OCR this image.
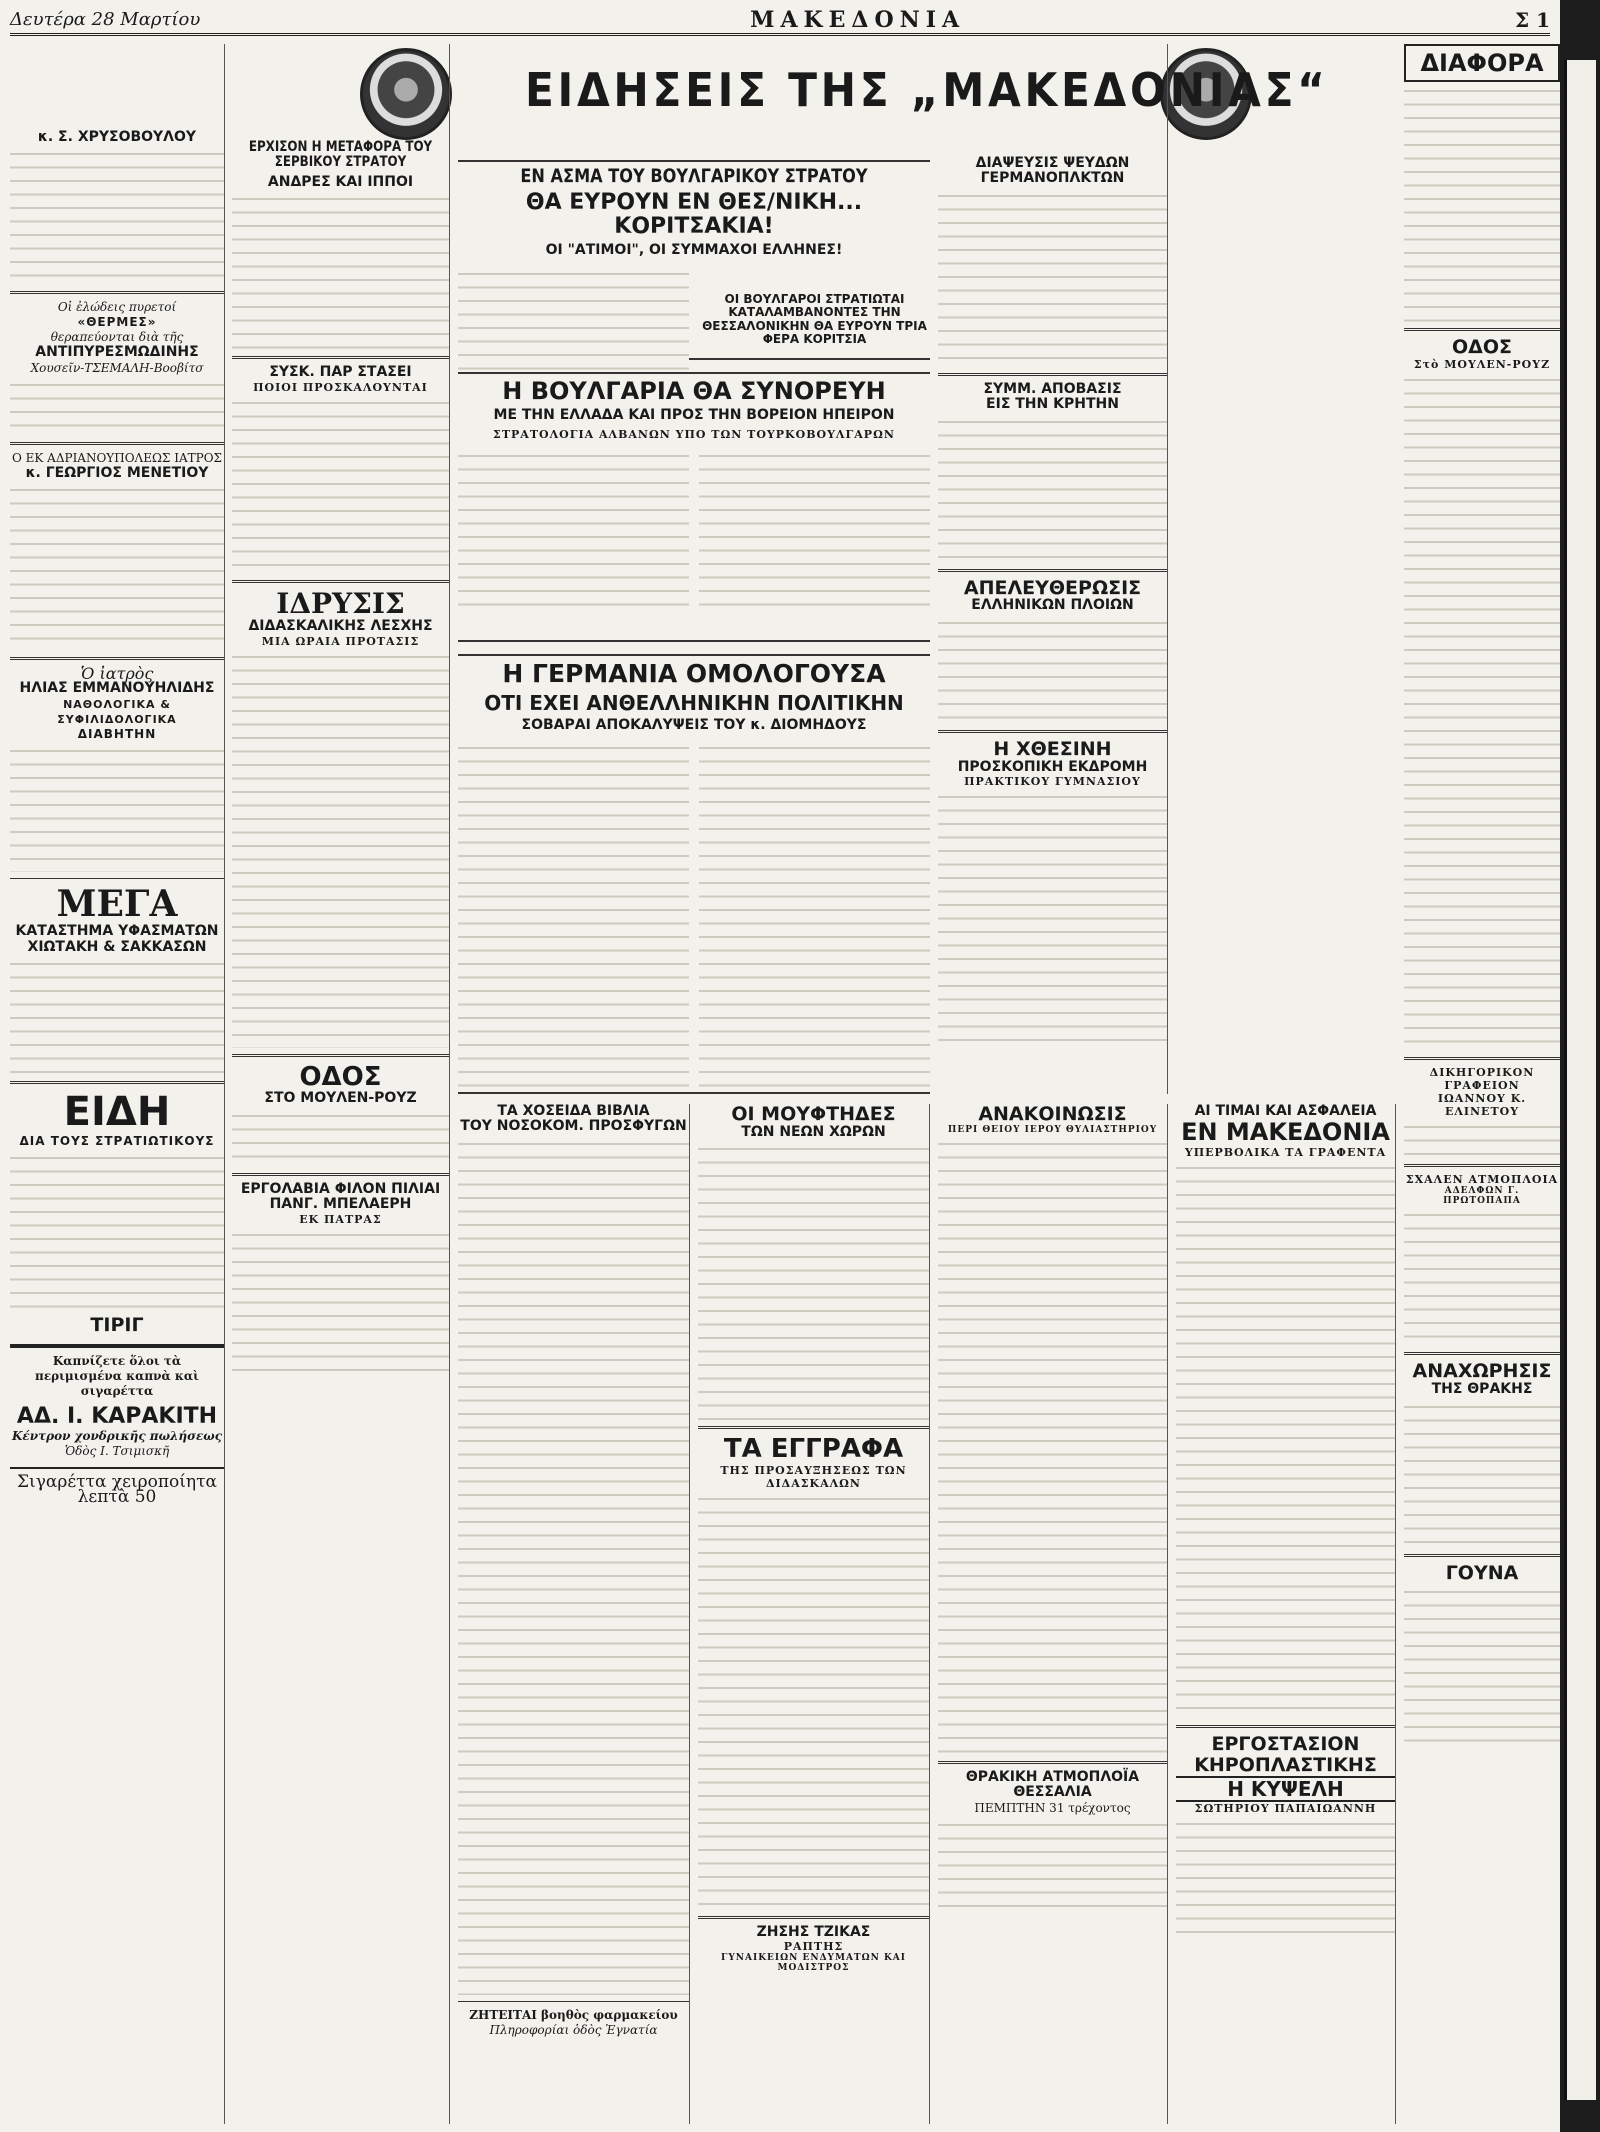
Δευτέρα 28 Μαρτίου	ΜΑΚΕΔΟΝΙΑ	Σ 1
ΕΙΔΗΣΕΙΣ ΤΗΣ „ΜΑΚΕΔΟΝΙΑΣ“
κ. Σ. ΧΡΥΣΟΒΟΥΛΟΥ
Οἱ ἐλώδεις πυρετοί
«ΘΕΡΜΕΣ»
θεραπεύονται διὰ τῆς
ΑΝΤΙΠΥΡΕΣΜΩΔΙΝΗΣ
Χουσεῖν-ΤΣΕΜΑΛΗ-Βοοβίτσ
Ο ΕΚ ΑΔΡΙΑΝΟΥΠΟΛΕΩΣ ΙΑΤΡΟΣ
κ. ΓΕΩΡΓΙΟΣ ΜΕΝΕΤΙΟΥ
Ὁ ἰατρὸς
ΗΛΙΑΣ ΕΜΜΑΝΟΥΗΛΙΔΗΣ
ΝΑΘΟΛΟΓΙΚΑ & ΣΥΦΙΛΙΔΟΛΟΓΙΚΑ
ΔΙΑΒΗΤΗΝ
ΜΕΓΑ
ΚΑΤΑΣΤΗΜΑ ΥΦΑΣΜΑΤΩΝ
ΧΙΩΤΑΚΗ & ΣΑΚΚΑΣΩΝ
ΕΙΔΗ
ΔΙΑ ΤΟΥΣ ΣΤΡΑΤΙΩΤΙΚΟΥΣ
ΤΙΡΙΓ
Καπνίζετε ὅλοι τὰ περιμισμένα καπνὰ καὶ σιγαρέττα
ΑΔ. Ι. ΚΑΡΑΚΙΤΗ
Κέντρον χονδρικῆς πωλήσεως
Ὁδὸς Ι. Τσιμισκῆ
Σιγαρέττα χειροποίητα λεπτὰ 50
ΕΡΧΙΣΟΝ Η ΜΕΤΑΦΟΡΑ ΤΟΥ ΣΕΡΒΙΚΟΥ ΣΤΡΑΤΟΥ
ΑΝΔΡΕΣ ΚΑΙ ΙΠΠΟΙ
ΣΥΣΚ. ΠΑΡ ΣΤΑΣΕΙ
ΠΟΙΟΙ ΠΡΟΣΚΑΛΟΥΝΤΑΙ
ΙΔΡΥΣΙΣ
ΔΙΔΑΣΚΑΛΙΚΗΣ ΛΕΣΧΗΣ
ΜΙΑ ΩΡΑΙΑ ΠΡΟΤΑΣΙΣ
ΟΔΟΣ
ΣΤΟ ΜΟΥΛΕΝ-ΡΟΥΖ
ΕΡΓΟΛΑΒΙΑ ΦΙΛΟΝ ΠΙΛΙΑΙ
ΠΑΝΓ. ΜΠΕΛΑΕΡΗ
ΕΚ ΠΑΤΡΑΣ
ΕΝ ΑΣΜΑ ΤΟΥ ΒΟΥΛΓΑΡΙΚΟΥ ΣΤΡΑΤΟΥ
ΘΑ ΕΥΡΟΥΝ ΕΝ ΘΕΣ/ΝΙΚΗ... ΚΟΡΙΤΣΑΚΙΑ!
ΟΙ "ΑΤΙΜΟΙ", ΟΙ ΣΥΜΜΑΧΟΙ ΕΛΛΗΝΕΣ!
ΟΙ ΒΟΥΛΓΑΡΟΙ ΣΤΡΑΤΙΩΤΑΙ ΚΑΤΑΛΑΜΒΑΝΟΝΤΕΣ ΤΗΝ ΘΕΣΣΑΛΟΝΙΚΗΝ ΘΑ ΕΥΡΟΥΝ ΤΡΙΑ ΦΕΡΑ ΚΟΡΙΤΣΙΑ
Η ΒΟΥΛΓΑΡΙΑ ΘΑ ΣΥΝΟΡΕΥΗ
ΜΕ ΤΗΝ ΕΛΛΑΔΑ ΚΑΙ ΠΡΟΣ ΤΗΝ ΒΟΡΕΙΟΝ ΗΠΕΙΡΟΝ
ΣΤΡΑΤΟΛΟΓΙΑ ΑΛΒΑΝΩΝ ΥΠΟ ΤΩΝ ΤΟΥΡΚΟΒΟΥΛΓΑΡΩΝ
Η ΓΕΡΜΑΝΙΑ ΟΜΟΛΟΓΟΥΣΑ
ΟΤΙ ΕΧΕΙ ΑΝΘΕΛΛΗΝΙΚΗΝ ΠΟΛΙΤΙΚΗΝ
ΣΟΒΑΡΑΙ ΑΠΟΚΑΛΥΨΕΙΣ ΤΟΥ κ. ΔΙΟΜΗΔΟΥΣ
ΤΑ ΧΟΣΕΙΔΑ ΒΙΒΛΙΑ
ΤΟΥ ΝΟΣΟΚΟΜ. ΠΡΟΣΦΥΓΩΝ
ΖΗΤΕΙΤΑΙ βοηθὸς φαρμακείου
Πληροφορίαι ὁδὸς Ἐγνατία
ΟΙ ΜΟΥΦΤΗΔΕΣ
ΤΩΝ ΝΕΩΝ ΧΩΡΩΝ
ΤΑ ΕΓΓΡΑΦΑ
ΤΗΣ ΠΡΟΣΑΥΞΗΣΕΩΣ ΤΩΝ ΔΙΔΑΣΚΑΛΩΝ
ΖΗΣΗΣ ΤΖΙΚΑΣ
ΡΑΠΤΗΣ
ΓΥΝΑΙΚΕΙΩΝ ΕΝΔΥΜΑΤΩΝ ΚΑΙ ΜΟΔΙΣΤΡΟΣ
ΔΙΑΨΕΥΣΙΣ ΨΕΥΔΩΝ ΓΕΡΜΑΝΟΠΛΚΤΩΝ
ΣΥΜΜ. ΑΠΟΒΑΣΙΣ
ΕΙΣ ΤΗΝ ΚΡΗΤΗΝ
ΑΠΕΛΕΥΘΕΡΩΣΙΣ
ΕΛΛΗΝΙΚΩΝ ΠΛΟΙΩΝ
Η ΧΘΕΣΙΝΗ
ΠΡΟΣΚΟΠΙΚΗ ΕΚΔΡΟΜΗ
ΠΡΑΚΤΙΚΟΥ ΓΥΜΝΑΣΙΟΥ
ΑΝΑΚΟΙΝΩΣΙΣ
ΠΕΡΙ ΘΕΙΟΥ ΙΕΡΟΥ ΘΥΛΙΑΣΤΗΡΙΟΥ
ΘΡΑΚΙΚΗ ΑΤΜΟΠΛΟΪΑ
ΘΕΣΣΑΛΙΑ
ΠΕΜΠΤΗΝ 31 τρέχοντος
ΑΙ ΤΙΜΑΙ ΚΑΙ ΑΣΦΑΛΕΙΑ
ΕΝ ΜΑΚΕΔΟΝΙΑ
ΥΠΕΡΒΟΛΙΚΑ ΤΑ ΓΡΑΦΕΝΤΑ
ΕΡΓΟΣΤΑΣΙΟΝ
ΚΗΡΟΠΛΑΣΤΙΚΗΣ
Η ΚΥΨΕΛΗ
ΣΩΤΗΡΙΟΥ ΠΑΠΑΙΩΑΝΝΗ
ΔΙΑΦΟΡΑ
ΟΔΟΣ
Στὸ ΜΟΥΛΕΝ-ΡΟΥΖ
ΔΙΚΗΓΟΡΙΚΟΝ ΓΡΑΦΕΙΟΝ
ΙΩΑΝΝΟΥ Κ. ΕΛΙΝΕΤΟΥ
ΣΧΑΛΕΝ ΑΤΜΟΠΛΟΙΑ
ΑΔΕΛΦΩΝ Γ. ΠΡΩΤΟΠΑΠΑ
ΑΝΑΧΩΡΗΣΙΣ
ΤΗΣ ΘΡΑΚΗΣ
ΓΟΥΝΑ
